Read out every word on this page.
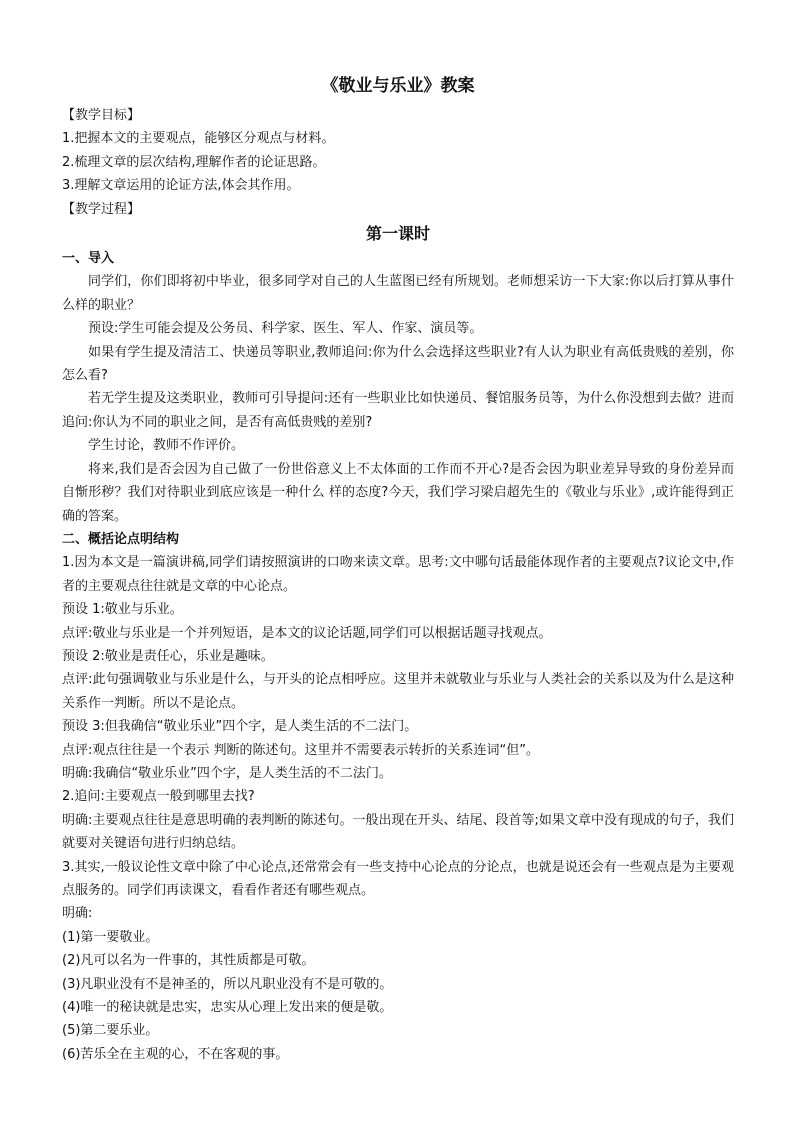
《敬业与乐业》教案
【教学目标】
1.把握本文的主要观点，能够区分观点与材料。
2.梳理文章的层次结构,理解作者的论证思路。
3.理解文章运用的论证方法,体会其作用。
【教学过程】
第一课时
一、导入
同学们，你们即将初中毕业，很多同学对自己的人生蓝图已经有所规划。老师想采访一下大家:你以后打算从事什么样的职业？
预设:学生可能会提及公务员、科学家、医生、军人、作家、演员等。
如果有学生提及清洁工、快递员等职业,教师追问:你为什么会选择这些职业?有人认为职业有高低贵贱的差别，你怎么看?
若无学生提及这类职业，教师可引导提问:还有一些职业比如快递员、餐馆服务员等，为什么你没想到去做？进而追问:你认为不同的职业之间，是否有高低贵贱的差别?
学生讨论，教师不作评价。
将来,我们是否会因为自己做了一份世俗意义上不太体面的工作而不开心?是否会因为职业差异导致的身份差异而自惭形秽？我们对待职业到底应该是一种什么 样的态度?今天，我们学习梁启超先生的《敬业与乐业》,或许能得到正确的答案。
二、概括论点明结构
1.因为本文是一篇演讲稿,同学们请按照演讲的口吻来读文章。思考:文中哪句话最能体现作者的主要观点?议论文中,作者的主要观点往往就是文章的中心论点。
预设 1:敬业与乐业。
点评:敬业与乐业是一个并列短语，是本文的议论话题,同学们可以根据话题寻找观点。
预设 2:敬业是责任心，乐业是趣味。
点评:此句强调敬业与乐业是什么，与开头的论点相呼应。这里并未就敬业与乐业与人类社会的关系以及为什么是这种关系作一判断。所以不是论点。
预设 3:但我确信“敬业乐业”四个字，是人类生活的不二法门。
点评:观点往往是一个表示 判断的陈述句。这里并不需要表示转折的关系连词“但”。
明确:我确信“敬业乐业”四个字，是人类生活的不二法门。
2.追问:主要观点一般到哪里去找?
明确:主要观点往往是意思明确的表判断的陈述句。一般出现在开头、结尾、段首等;如果文章中没有现成的句子，我们就要对关键语句进行归纳总结。
3.其实,一般议论性文章中除了中心论点,还常常会有一些支持中心论点的分论点，也就是说还会有一些观点是为主要观点服务的。同学们再读课文，看看作者还有哪些观点。
明确:
(1)第一要敬业。
(2)凡可以名为一件事的，其性质都是可敬。
(3)凡职业没有不是神圣的，所以凡职业没有不是可敬的。
(4)唯一的秘诀就是忠实，忠实从心理上发出来的便是敬。
(5)第二要乐业。
(6)苦乐全在主观的心，不在客观的事。
